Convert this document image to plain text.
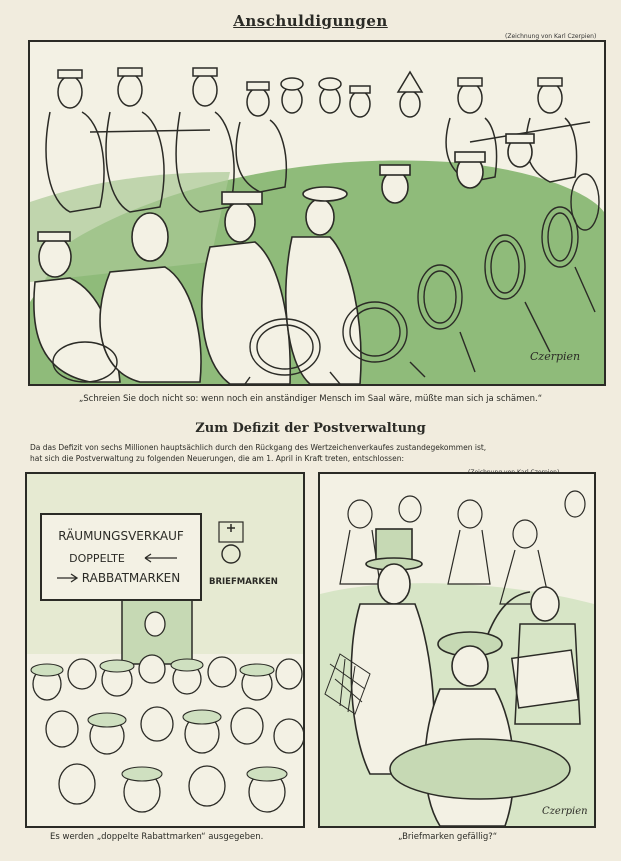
Anschuldigungen
(Zeichnung von Karl Czerpien)
Czerpien
„Schreien Sie doch nicht so: wenn noch ein anständiger Mensch im Saal wäre, müßte man sich ja schämen.“
Zum Defizit der Postverwaltung
Da das Defizit von sechs Millionen hauptsächlich durch den Rückgang des Wertzeichenverkaufes zustandegekommen ist,
hat sich die Postverwaltung zu folgenden Neuerungen, die am 1. April in Kraft treten, entschlossen:
RÄUMUNGSVERKAUF
DOPPELTE
RABBATMARKEN	BRIEFMARKEN
Czerpien
Es werden „doppelte Rabattmarken“ ausgegeben.	„Briefmarken gefällig?“
